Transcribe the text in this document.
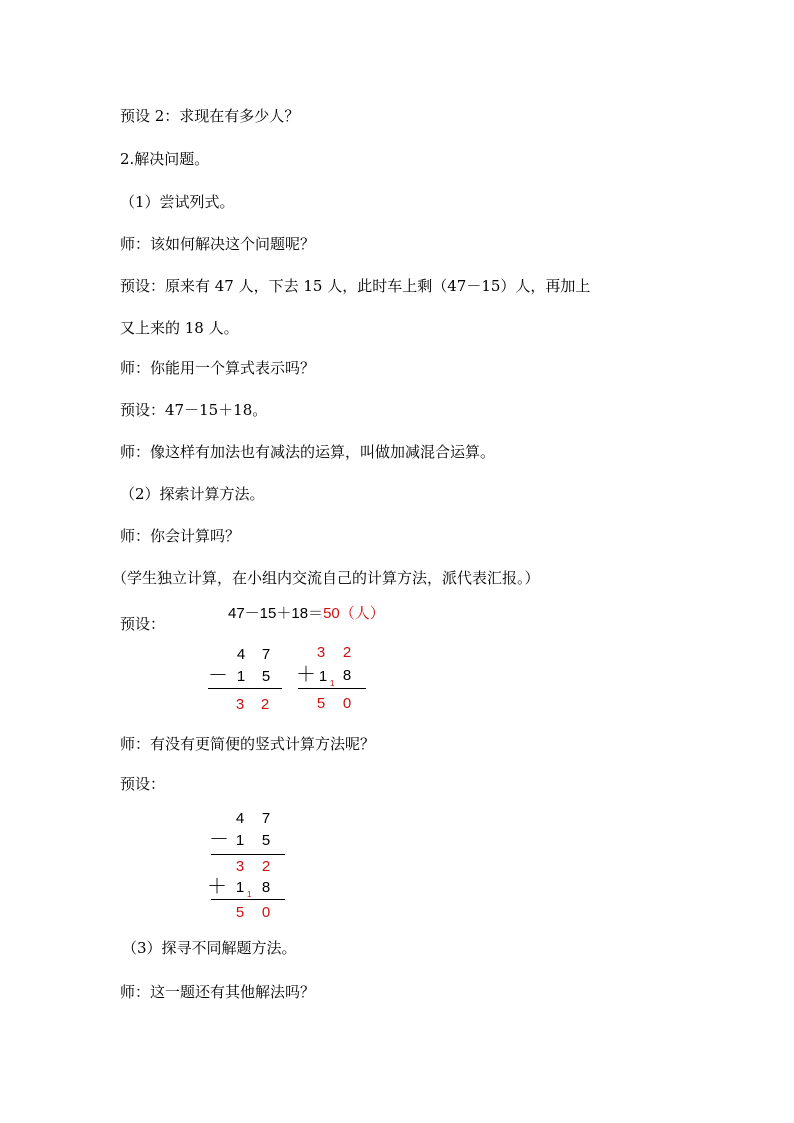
预设 2：求现在有多少人？
2.解决问题。
（1）尝试列式。
师：该如何解决这个问题呢？
预设：原来有 47 人，下去 15 人，此时车上剩（47－15）人，再加上
又上来的 18 人。
师：你能用一个算式表示吗？
预设：47－15＋18。
师：像这样有加法也有减法的运算，叫做加减混合运算。
（2）探索计算方法。
师：你会计算吗？
（学生独立计算，在小组内交流自己的计算方法，派代表汇报。）
预设：
47－15＋18＝50（人）
4 7
－ 1 5
3 2
3 2
＋ 1 1 8
5 0
师：有没有更简便的竖式计算方法呢？
预设：
4 7
－ 1 5
3 2
＋ 1 1 8
5 0
（3）探寻不同解题方法。
师：这一题还有其他解法吗？
